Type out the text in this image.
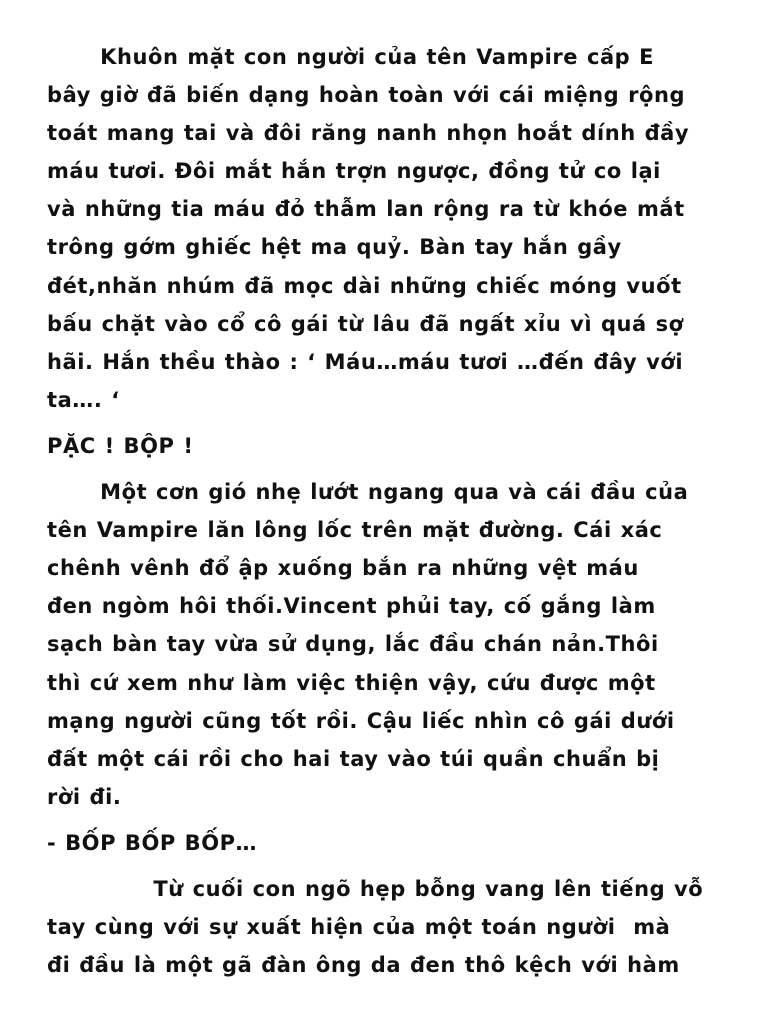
Khuôn mặt con người của tên Vampire cấp E
bây giờ đã biến dạng hoàn toàn với cái miệng rộng
toát mang tai và đôi răng nanh nhọn hoắt dính đầy
máu tươi. Đôi mắt hắn trợn ngược, đồng tử co lại
và những tia máu đỏ thẫm lan rộng ra từ khóe mắt
trông gớm ghiếc hệt ma quỷ. Bàn tay hắn gầy
đét,nhăn nhúm đã mọc dài những chiếc móng vuốt
bấu chặt vào cổ cô gái từ lâu đã ngất xỉu vì quá sợ
hãi. Hắn thều thào : ‘ Máu…máu tươi …đến đây với
ta…. ‘
PẶC ! BỘP !
Một cơn gió nhẹ lướt ngang qua và cái đầu của
tên Vampire lăn lông lốc trên mặt đường. Cái xác
chênh vênh đổ ập xuống bắn ra những vệt máu
đen ngòm hôi thối.Vincent phủi tay, cố gắng làm
sạch bàn tay vừa sử dụng, lắc đầu chán nản.Thôi
thì cứ xem như làm việc thiện vậy, cứu được một
mạng người cũng tốt rồi. Cậu liếc nhìn cô gái dưới
đất một cái rồi cho hai tay vào túi quần chuẩn bị
rời đi.
- BỐP BỐP BỐP…
Từ cuối con ngõ hẹp bỗng vang lên tiếng vỗ
tay cùng với sự xuất hiện của một toán người  mà
đi đầu là một gã đàn ông da đen thô kệch với hàm
